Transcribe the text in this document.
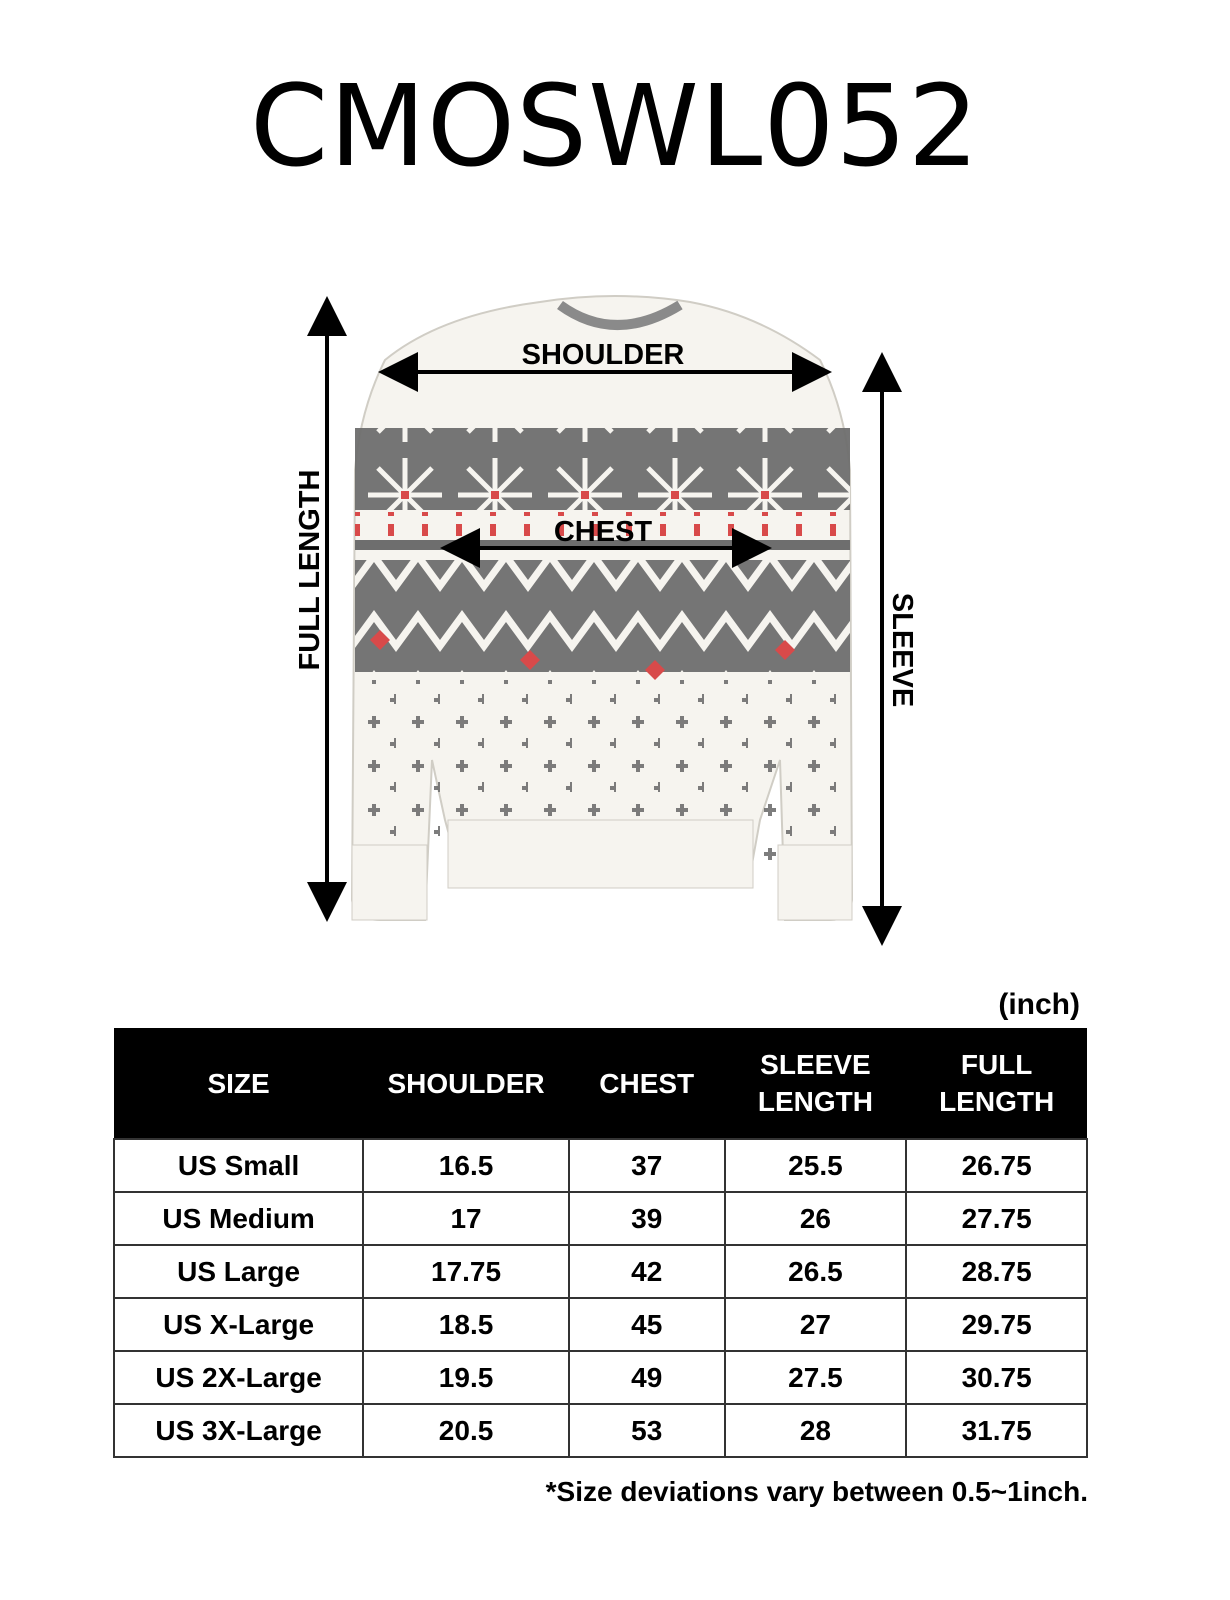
CMOSWL052
SHOULDER
CHEST
FULL LENGTH	SLEEVE
(inch)
SIZE	SHOULDER	CHEST	SLEEVE LENGTH	FULL LENGTH
US Small	16.5	37	25.5	26.75
US Medium	17	39	26	27.75
US Large	17.75	42	26.5	28.75
US X-Large	18.5	45	27	29.75
US 2X-Large	19.5	49	27.5	30.75
US 3X-Large	20.5	53	28	31.75
*Size deviations vary between 0.5~1inch.
